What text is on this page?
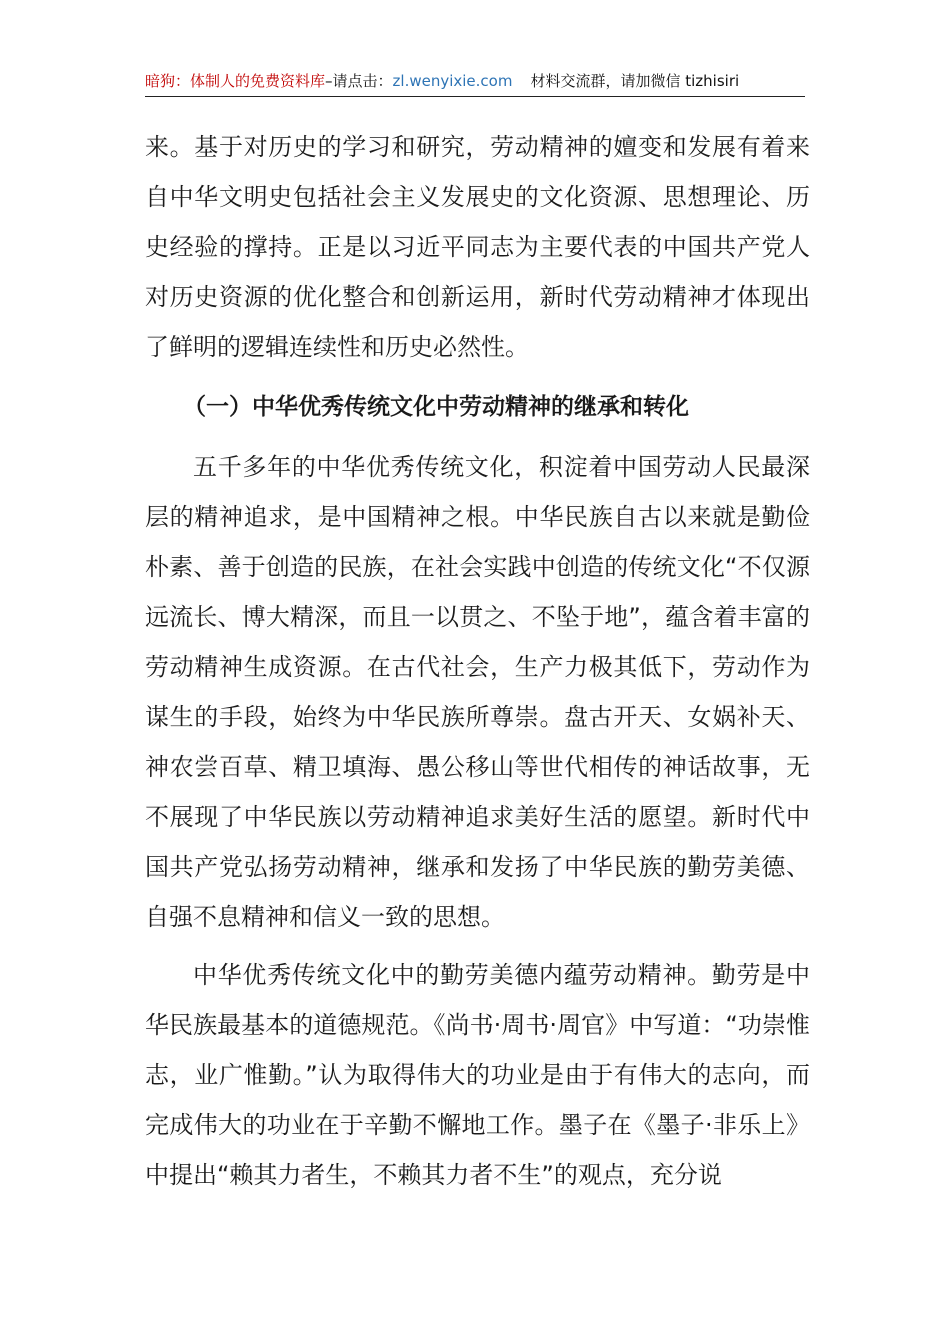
暗狗：体制人的免费资料库–请点击：zl.wenyixie.com 材料交流群，请加微信 tizhisiri

来。基于对历史的学习和研究，劳动精神的嬗变和发展有着来自中华文明史包括社会主义发展史的文化资源、思想理论、历史经验的撑持。正是以习近平同志为主要代表的中国共产党人对历史资源的优化整合和创新运用，新时代劳动精神才体现出了鲜明的逻辑连续性和历史必然性。

（一）中华优秀传统文化中劳动精神的继承和转化

五千多年的中华优秀传统文化，积淀着中国劳动人民最深层的精神追求，是中国精神之根。中华民族自古以来就是勤俭朴素、善于创造的民族，在社会实践中创造的传统文化“不仅源远流长、博大精深，而且一以贯之、不坠于地”，蕴含着丰富的劳动精神生成资源。在古代社会，生产力极其低下，劳动作为谋生的手段，始终为中华民族所尊崇。盘古开天、女娲补天、神农尝百草、精卫填海、愚公移山等世代相传的神话故事，无不展现了中华民族以劳动精神追求美好生活的愿望。新时代中国共产党弘扬劳动精神，继承和发扬了中华民族的勤劳美德、自强不息精神和信义一致的思想。

中华优秀传统文化中的勤劳美德内蕴劳动精神。勤劳是中华民族最基本的道德规范。《尚书·周书·周官》中写道：“功崇惟志，业广惟勤。”认为取得伟大的功业是由于有伟大的志向，而完成伟大的功业在于辛勤不懈地工作。墨子在《墨子·非乐上》中提出“赖其力者生，不赖其力者不生”的观点，充分说
